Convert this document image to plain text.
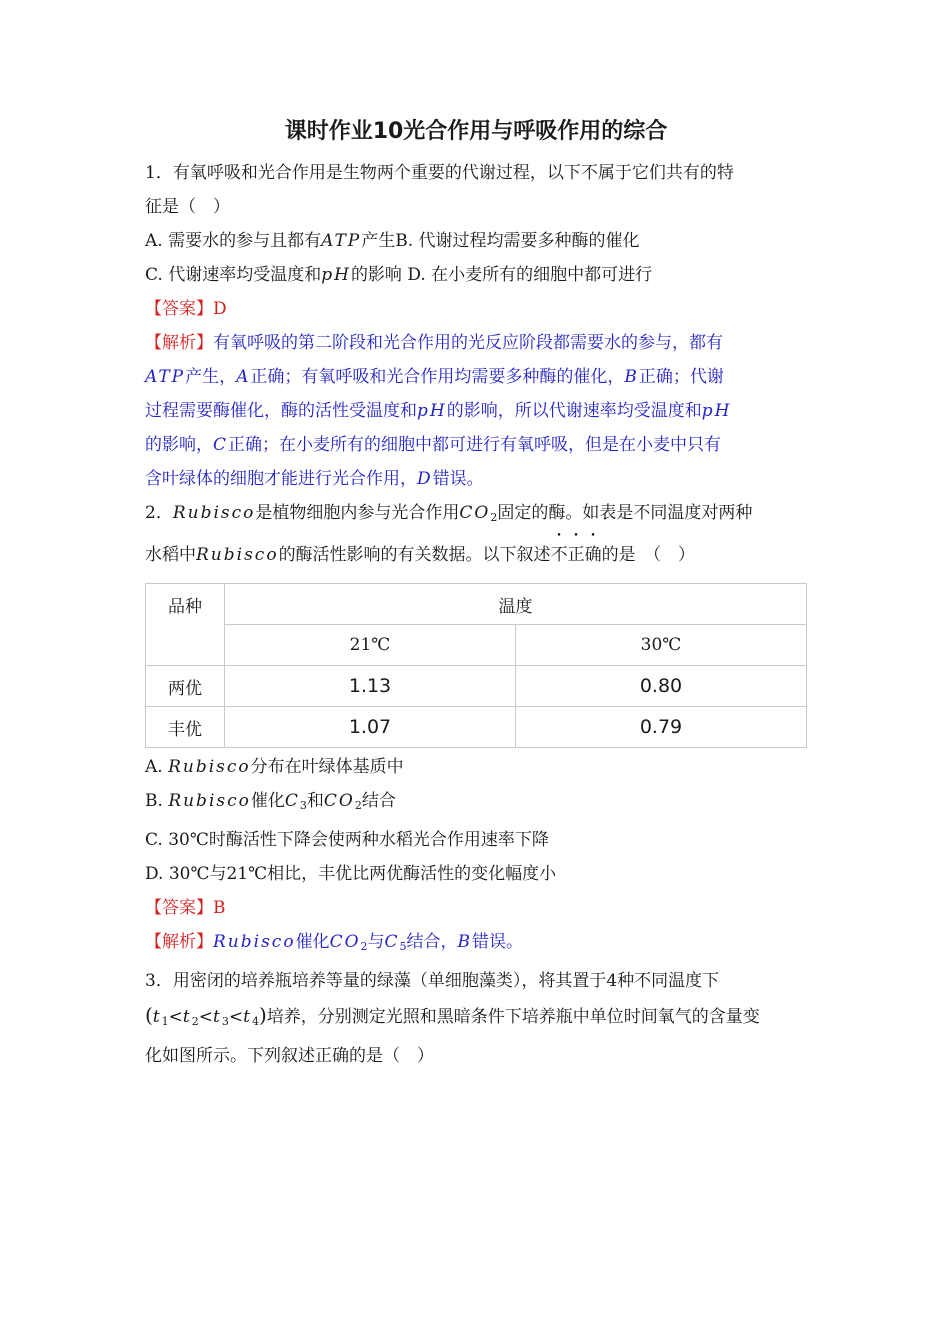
课时作业10光合作用与呼吸作用的综合

1．有氧呼吸和光合作用是生物两个重要的代谢过程，以下不属于它们共有的特

征是（　）

A. 需要水的参与且都有ATP产生B. 代谢过程均需要多种酶的催化

C. 代谢速率均受温度和pH的影响 D. 在小麦所有的细胞中都可进行

【答案】D

【解析】有氧呼吸的第二阶段和光合作用的光反应阶段都需要水的参与，都有

ATP产生，A正确；有氧呼吸和光合作用均需要多种酶的催化，B正确；代谢

过程需要酶催化，酶的活性受温度和pH的影响，所以代谢速率均受温度和pH

的影响，C正确；在小麦所有的细胞中都可进行有氧呼吸，但是在小麦中只有

含叶绿体的细胞才能进行光合作用，D错误。

2．Rubisco是植物细胞内参与光合作用$CO_2$固定的酶。如表是不同温度对两种

水稻中Rubisco的酶活性影响的有关数据。以下叙述不正确的是　（　）

品种	温度	
	21℃	30℃
两优	1.13	0.80
丰优	1.07	0.79

A. Rubisco分布在叶绿体基质中

B. Rubisco催化$C_3$和$CO_2$结合

C. 30℃时酶活性下降会使两种水稻光合作用速率下降

D. 30℃与21℃相比，丰优比两优酶活性的变化幅度小

【答案】B

【解析】Rubisco催化$CO_2$与$C_5$结合，B错误。

3．用密闭的培养瓶培养等量的绿藻（单细胞藻类），将其置于4种不同温度下

$(t_1<t_2<t_3<t_4)$培养，分别测定光照和黑暗条件下培养瓶中单位时间氧气的含量变

化如图所示。下列叙述正确的是（　）
